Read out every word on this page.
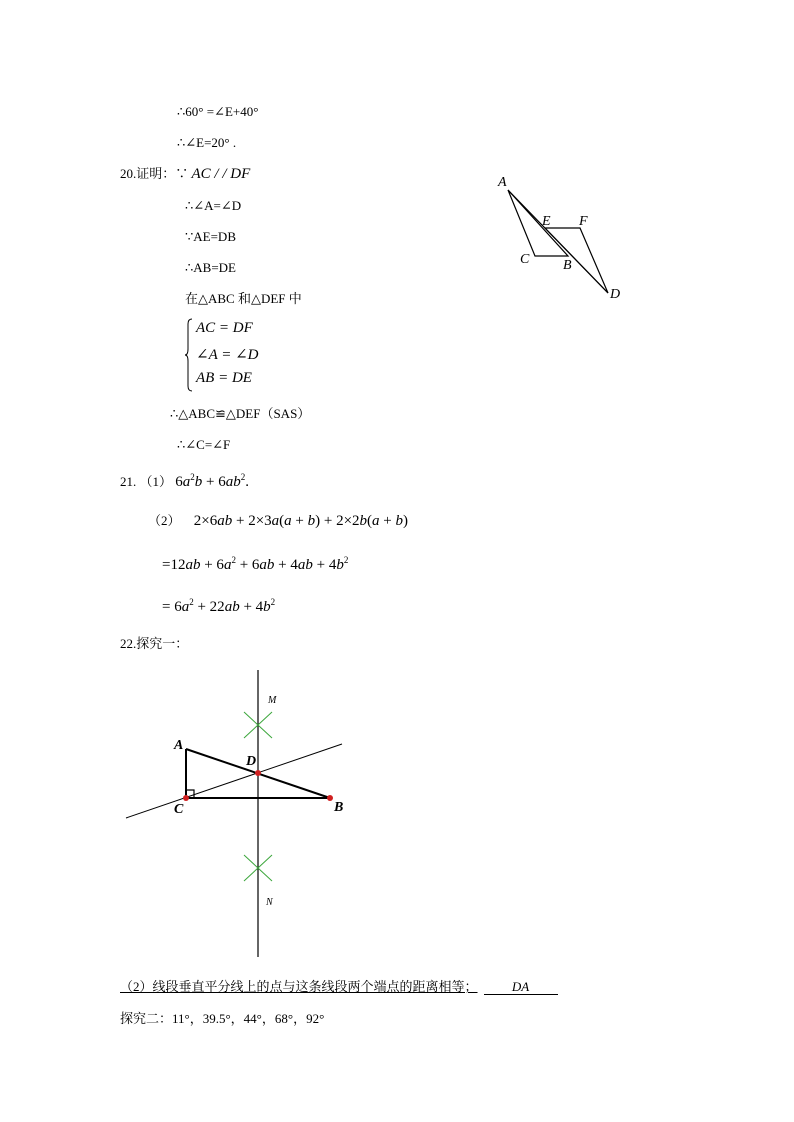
∴60° =∠E+40°
∴∠E=20° .
20.证明：∵ AC / / DF
∴∠A=∠D
∵AE=DB
∴AB=DE
在△ABC 和△DEF 中
AC = DF
∠A = ∠D
AB = DE
∴△ABC≌△DEF（SAS）
∴∠C=∠F
A
B
C
D
E F
21. （1） $6a^2b + 6ab^2$.
（2） 2×6ab + 2×3a(a + b) + 2×2b(a + b)
$=12ab + 6a^2 + 6ab + 4ab + 4b^2$
= $6a^2 + 22ab + 4b^2$
22.探究一：
A
B
C
D
M
N
（2）线段垂直平分线上的点与这条线段两个端点的距离相等；	DA
探究二：11°，39.5°，44°，68°，92°
